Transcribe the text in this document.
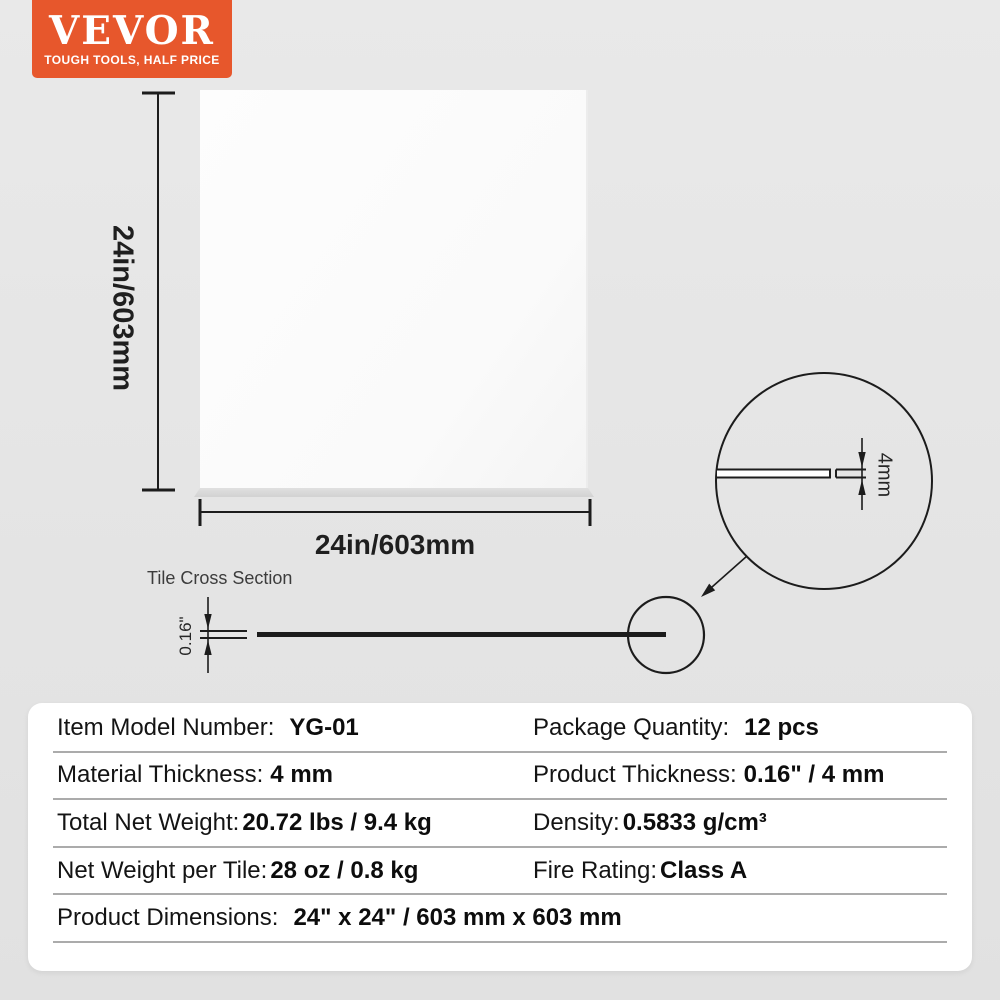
VEVOR
TOUGH TOOLS, HALF PRICE
24in/603mm
24in/603mm
Tile Cross Section
0.16"
4mm
Item Model Number: YG-01	Package Quantity: 12 pcs
Material Thickness: 4 mm	Product Thickness: 0.16" / 4 mm
Total Net Weight: 20.72 lbs / 9.4 kg	Density: 0.5833 g/cm³
Net Weight per Tile: 28 oz / 0.8 kg	Fire Rating: Class A
Product Dimensions: 24" x 24" / 603 mm x 603 mm
